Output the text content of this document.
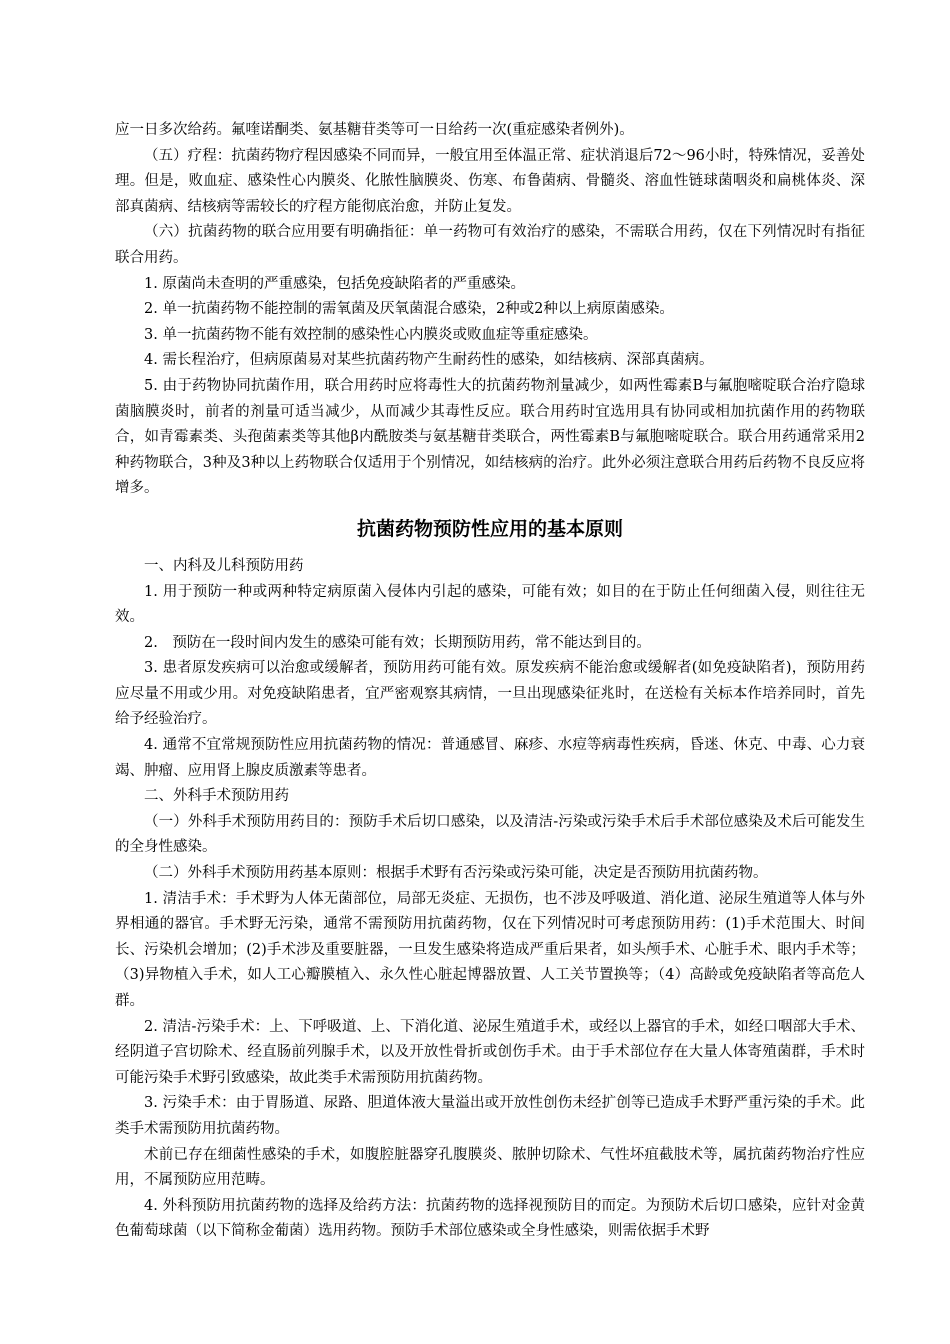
应一日多次给药。氟喹诺酮类、氨基糖苷类等可一日给药一次(重症感染者例外)。

（五）疗程：抗菌药物疗程因感染不同而异，一般宜用至体温正常、症状消退后72～96小时，特殊情况，妥善处理。但是，败血症、感染性心内膜炎、化脓性脑膜炎、伤寒、布鲁菌病、骨髓炎、溶血性链球菌咽炎和扁桃体炎、深部真菌病、结核病等需较长的疗程方能彻底治愈，并防止复发。

（六）抗菌药物的联合应用要有明确指征：单一药物可有效治疗的感染，不需联合用药，仅在下列情况时有指征联合用药。

1. 原菌尚未查明的严重感染，包括免疫缺陷者的严重感染。

2. 单一抗菌药物不能控制的需氧菌及厌氧菌混合感染，2种或2种以上病原菌感染。

3. 单一抗菌药物不能有效控制的感染性心内膜炎或败血症等重症感染。

4. 需长程治疗，但病原菌易对某些抗菌药物产生耐药性的感染，如结核病、深部真菌病。

5. 由于药物协同抗菌作用，联合用药时应将毒性大的抗菌药物剂量减少，如两性霉素B与氟胞嘧啶联合治疗隐球菌脑膜炎时，前者的剂量可适当减少，从而减少其毒性反应。联合用药时宜选用具有协同或相加抗菌作用的药物联合，如青霉素类、头孢菌素类等其他β内酰胺类与氨基糖苷类联合，两性霉素B与氟胞嘧啶联合。联合用药通常采用2种药物联合，3种及3种以上药物联合仅适用于个别情况，如结核病的治疗。此外必须注意联合用药后药物不良反应将增多。

抗菌药物预防性应用的基本原则

一、内科及儿科预防用药

1. 用于预防一种或两种特定病原菌入侵体内引起的感染，可能有效；如目的在于防止任何细菌入侵，则往往无效。

2.　预防在一段时间内发生的感染可能有效；长期预防用药，常不能达到目的。

3. 患者原发疾病可以治愈或缓解者，预防用药可能有效。原发疾病不能治愈或缓解者(如免疫缺陷者)，预防用药应尽量不用或少用。对免疫缺陷患者，宜严密观察其病情，一旦出现感染征兆时，在送检有关标本作培养同时，首先给予经验治疗。

4. 通常不宜常规预防性应用抗菌药物的情况：普通感冒、麻疹、水痘等病毒性疾病，昏迷、休克、中毒、心力衰竭、肿瘤、应用肾上腺皮质激素等患者。

二、外科手术预防用药

（一）外科手术预防用药目的：预防手术后切口感染，以及清洁-污染或污染手术后手术部位感染及术后可能发生的全身性感染。

（二）外科手术预防用药基本原则：根据手术野有否污染或污染可能，决定是否预防用抗菌药物。

1. 清洁手术：手术野为人体无菌部位，局部无炎症、无损伤，也不涉及呼吸道、消化道、泌尿生殖道等人体与外界相通的器官。手术野无污染，通常不需预防用抗菌药物，仅在下列情况时可考虑预防用药：(1)手术范围大、时间长、污染机会增加；(2)手术涉及重要脏器，一旦发生感染将造成严重后果者，如头颅手术、心脏手术、眼内手术等；（3)异物植入手术，如人工心瓣膜植入、永久性心脏起博器放置、人工关节置换等；（4）高龄或免疫缺陷者等高危人群。

2. 清洁-污染手术：上、下呼吸道、上、下消化道、泌尿生殖道手术，或经以上器官的手术，如经口咽部大手术、经阴道子宫切除术、经直肠前列腺手术，以及开放性骨折或创伤手术。由于手术部位存在大量人体寄殖菌群，手术时可能污染手术野引致感染，故此类手术需预防用抗菌药物。

3. 污染手术：由于胃肠道、尿路、胆道体液大量溢出或开放性创伤未经扩创等已造成手术野严重污染的手术。此类手术需预防用抗菌药物。

术前已存在细菌性感染的手术，如腹腔脏器穿孔腹膜炎、脓肿切除术、气性坏疽截肢术等，属抗菌药物治疗性应用，不属预防应用范畴。

4. 外科预防用抗菌药物的选择及给药方法：抗菌药物的选择视预防目的而定。为预防术后切口感染，应针对金黄色葡萄球菌（以下简称金葡菌）选用药物。预防手术部位感染或全身性感染，则需依据手术野
